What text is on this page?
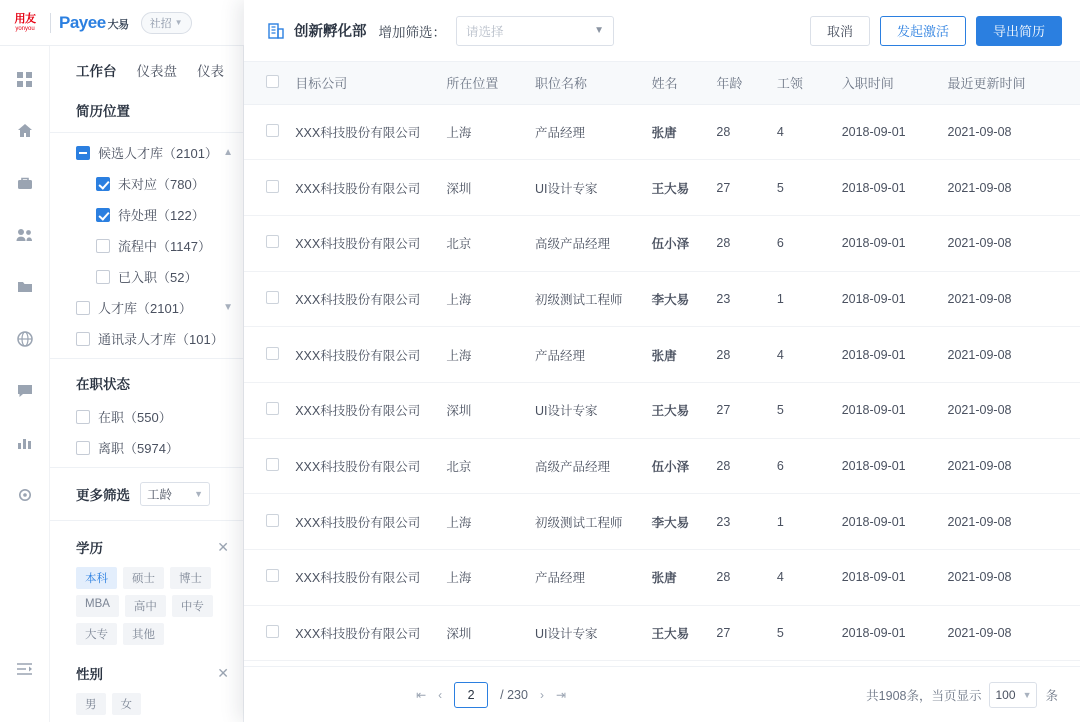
用友
yonyou Payee 大易 社招 ▼
工作台 仪表盘 仪表
简历位置
候选人才库（2101） ▲
未对应（780）
待处理（122）
流程中（1147）
已入职（52）
人才库（2101）	▼
通讯录人才库（101）
在职状态
在职（550）
离职（5974）
更多筛选 工龄 ▼
学历	✕
本科	硕士	博士
MBA	高中	中专
大专	其他
性别	✕
男	女
创新孵化部 增加筛选： 请选择	▼	取消	发起激活	导出简历
	目标公司	所在位置	职位名称	姓名	年龄	工领	入职时间	最近更新时间
	XXX科技股份有限公司	上海	产品经理	张唐	28	4	2018-09-01	2021-09-08
	XXX科技股份有限公司	深圳	UI设计专家	王大易	27	5	2018-09-01	2021-09-08
	XXX科技股份有限公司	北京	高级产品经理	伍小泽	28	6	2018-09-01	2021-09-08
	XXX科技股份有限公司	上海	初级测试工程师	李大易	23	1	2018-09-01	2021-09-08
	XXX科技股份有限公司	上海	产品经理	张唐	28	4	2018-09-01	2021-09-08
	XXX科技股份有限公司	深圳	UI设计专家	王大易	27	5	2018-09-01	2021-09-08
	XXX科技股份有限公司	北京	高级产品经理	伍小泽	28	6	2018-09-01	2021-09-08
	XXX科技股份有限公司	上海	初级测试工程师	李大易	23	1	2018-09-01	2021-09-08
	XXX科技股份有限公司	上海	产品经理	张唐	28	4	2018-09-01	2021-09-08
	XXX科技股份有限公司	深圳	UI设计专家	王大易	27	5	2018-09-01	2021-09-08
⇤ ‹	2	/ 230 › ⇥	共1908条，当页显示 100 ▼ 条
